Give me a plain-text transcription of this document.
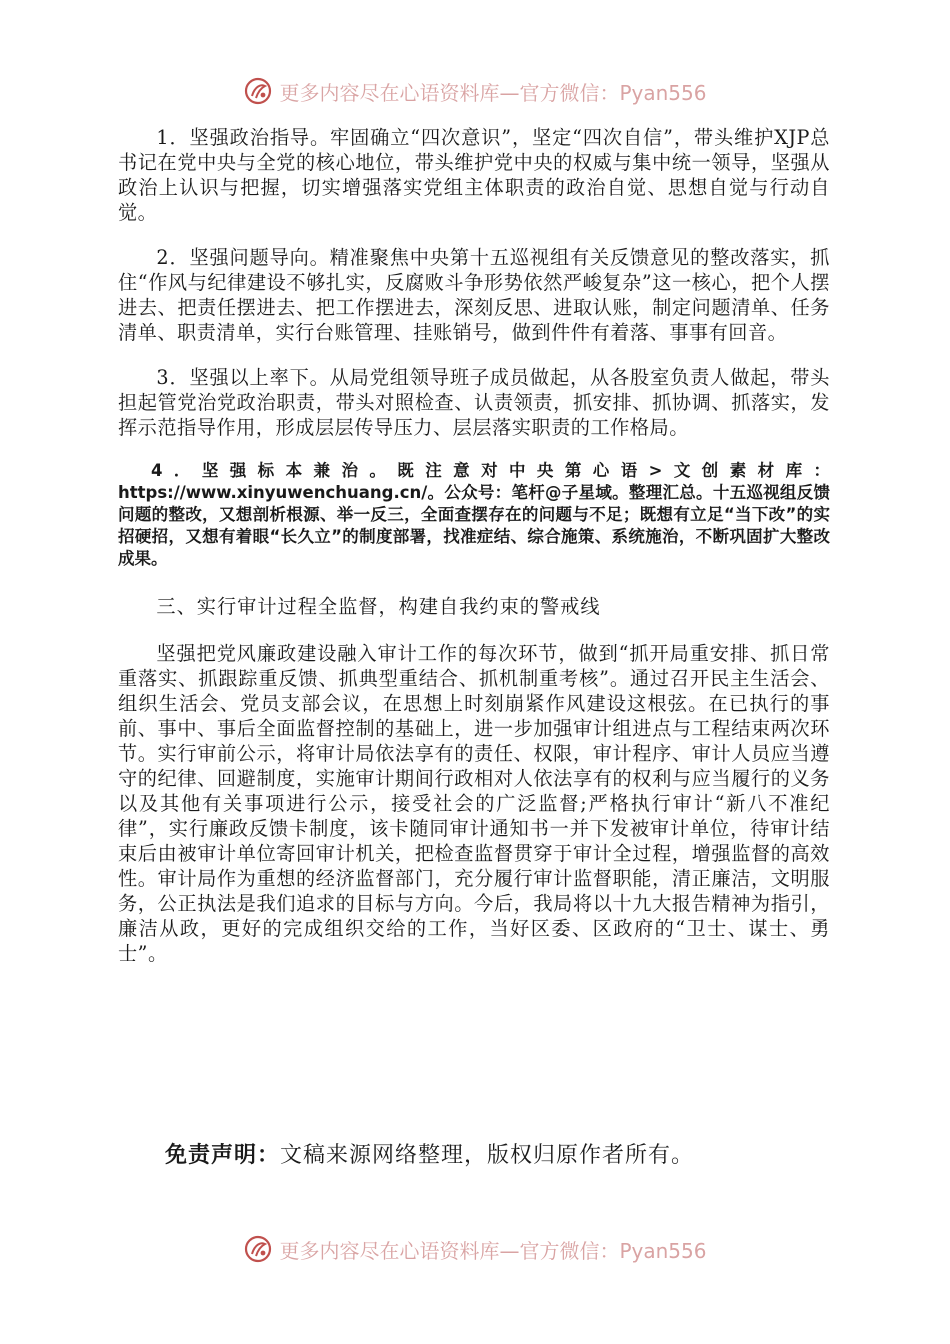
更多内容尽在心语资料库—官方微信：Pyan556

1．坚强政治指导。牢固确立“四次意识”，坚定“四次自信”，带头维护XJP总书记在党中央与全党的核心地位，带头维护党中央的权威与集中统一领导，坚强从政治上认识与把握，切实增强落实党组主体职责的政治自觉、思想自觉与行动自觉。

2．坚强问题导向。精准聚焦中央第十五巡视组有关反馈意见的整改落实，抓住“作风与纪律建设不够扎实，反腐败斗争形势依然严峻复杂”这一核心，把个人摆进去、把责任摆进去、把工作摆进去，深刻反思、进取认账，制定问题清单、任务清单、职责清单，实行台账管理、挂账销号，做到件件有着落、事事有回音。

3．坚强以上率下。从局党组领导班子成员做起，从各股室负责人做起，带头担起管党治党政治职责，带头对照检查、认责领责，抓安排、抓协调、抓落实，发挥示范指导作用，形成层层传导压力、层层落实职责的工作格局。

4．坚强标本兼治。既注意对中央第心语>文创素材库：https://www.xinyuwenchuang.cn/。公众号：笔杆@子星域。整理汇总。十五巡视组反馈问题的整改，又想剖析根源、举一反三，全面查摆存在的问题与不足；既想有立足“当下改”的实招硬招，又想有着眼“长久立”的制度部署，找准症结、综合施策、系统施治，不断巩固扩大整改成果。

三、实行审计过程全监督，构建自我约束的警戒线

坚强把党风廉政建设融入审计工作的每次环节，做到“抓开局重安排、抓日常重落实、抓跟踪重反馈、抓典型重结合、抓机制重考核”。通过召开民主生活会、组织生活会、党员支部会议，在思想上时刻崩紧作风建设这根弦。在已执行的事前、事中、事后全面监督控制的基础上，进一步加强审计组进点与工程结束两次环节。实行审前公示，将审计局依法享有的责任、权限，审计程序、审计人员应当遵守的纪律、回避制度，实施审计期间行政相对人依法享有的权利与应当履行的义务以及其他有关事项进行公示，接受社会的广泛监督;严格执行审计“新八不准纪律”，实行廉政反馈卡制度，该卡随同审计通知书一并下发被审计单位，待审计结束后由被审计单位寄回审计机关，把检查监督贯穿于审计全过程，增强监督的高效性。审计局作为重想的经济监督部门，充分履行审计监督职能，清正廉洁，文明服务，公正执法是我们追求的目标与方向。今后，我局将以十九大报告精神为指引，廉洁从政，更好的完成组织交给的工作，当好区委、区政府的“卫士、谋士、勇士”。

免责声明：文稿来源网络整理，版权归原作者所有。
更多内容尽在心语资料库—官方微信：Pyan556
